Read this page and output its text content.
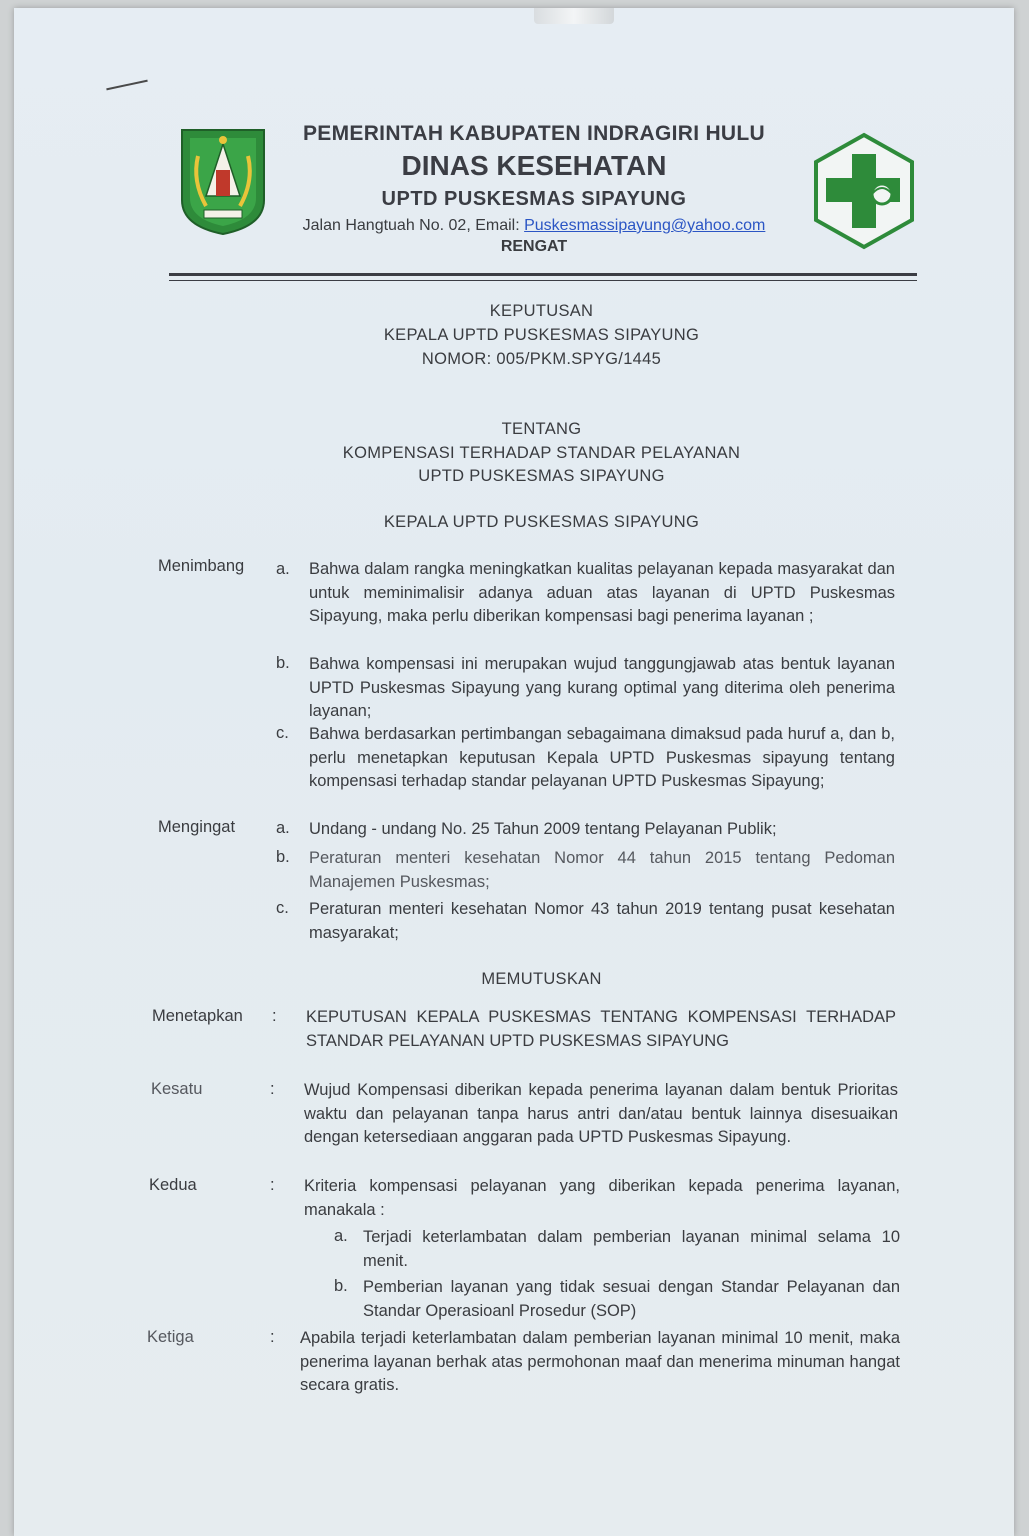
PEMERINTAH KABUPATEN INDRAGIRI HULU
DINAS KESEHATAN
UPTD PUSKESMAS SIPAYUNG
Jalan Hangtuah No. 02, Email: Puskesmassipayung@yahoo.com
RENGAT
KEPUTUSAN
KEPALA UPTD PUSKESMAS SIPAYUNG
NOMOR: 005/PKM.SPYG/1445
TENTANG
KOMPENSASI TERHADAP STANDAR PELAYANAN
UPTD PUSKESMAS SIPAYUNG
KEPALA UPTD PUSKESMAS SIPAYUNG
Menimbang a. Bahwa dalam rangka meningkatkan kualitas pelayanan kepada masyarakat dan untuk meminimalisir adanya aduan atas layanan di UPTD Puskesmas Sipayung, maka perlu diberikan kompensasi bagi penerima layanan ;
b. Bahwa kompensasi ini merupakan wujud tanggungjawab atas bentuk layanan UPTD Puskesmas Sipayung yang kurang optimal yang diterima oleh penerima layanan;
c. Bahwa berdasarkan pertimbangan sebagaimana dimaksud pada huruf a, dan b, perlu menetapkan keputusan Kepala UPTD Puskesmas sipayung tentang kompensasi terhadap standar pelayanan UPTD Puskesmas Sipayung;
Mengingat a. Undang - undang No. 25 Tahun 2009 tentang Pelayanan Publik;
b. Peraturan menteri kesehatan Nomor 44 tahun 2015 tentang Pedoman Manajemen Puskesmas;
c. Peraturan menteri kesehatan Nomor 43 tahun 2019 tentang pusat kesehatan masyarakat;
MEMUTUSKAN
Menetapkan : KEPUTUSAN KEPALA PUSKESMAS TENTANG KOMPENSASI TERHADAP STANDAR PELAYANAN UPTD PUSKESMAS SIPAYUNG
Kesatu	: Wujud Kompensasi diberikan kepada penerima layanan dalam bentuk Prioritas waktu dan pelayanan tanpa harus antri dan/atau bentuk lainnya disesuaikan dengan ketersediaan anggaran pada UPTD Puskesmas Sipayung.
Kedua	: Kriteria kompensasi pelayanan yang diberikan kepada penerima layanan, manakala :
a. Terjadi keterlambatan dalam pemberian layanan minimal selama 10 menit.
b. Pemberian layanan yang tidak sesuai dengan Standar Pelayanan dan Standar Operasioanl Prosedur (SOP)
Ketiga	: Apabila terjadi keterlambatan dalam pemberian layanan minimal 10 menit, maka penerima layanan berhak atas permohonan maaf dan menerima minuman hangat secara gratis.
